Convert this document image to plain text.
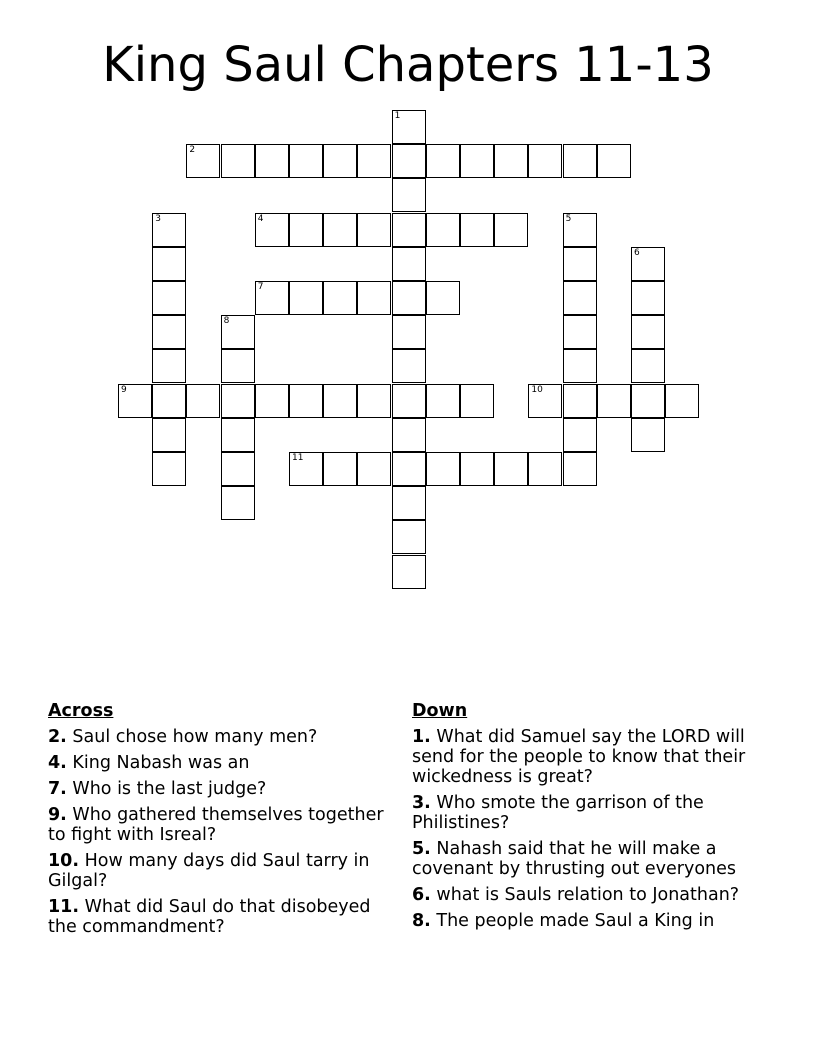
King Saul Chapters 11-13
1
2
3	4	5
6
7
8
9	10
11
Across
2. Saul chose how many men?
4. King Nabash was an
7. Who is the last judge?
9. Who gathered themselves together to fight with Isreal?
10. How many days did Saul tarry in Gilgal?
11. What did Saul do that disobeyed the commandment?
Down
1. What did Samuel say the LORD will send for the people to know that their wickedness is great?
3. Who smote the garrison of the Philistines?
5. Nahash said that he will make a covenant by thrusting out everyones
6. what is Sauls relation to Jonathan?
8. The people made Saul a King in
